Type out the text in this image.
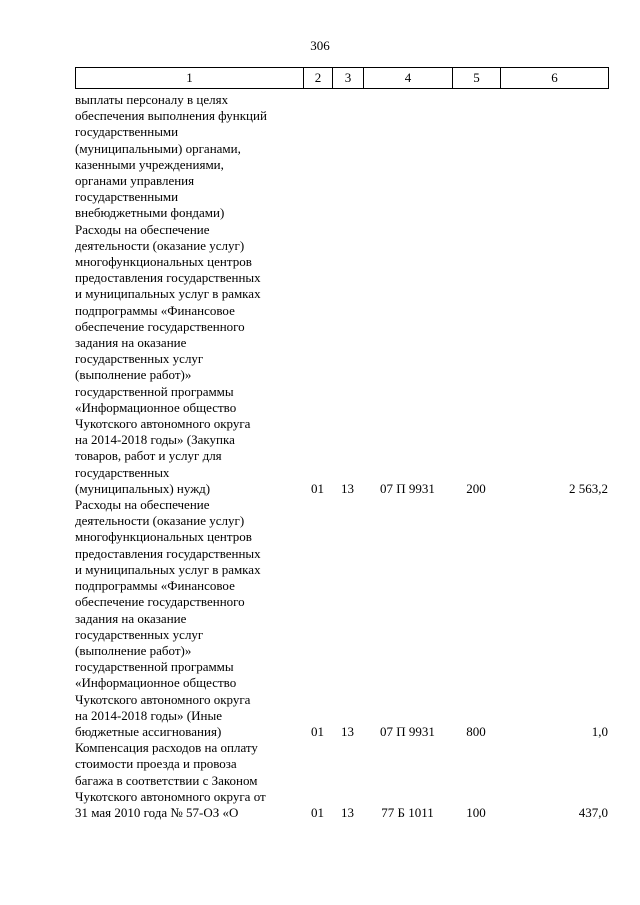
306
1	2	3	4	5	6
выплаты персоналу в целях
обеспечения выполнения функций
государственными
(муниципальными) органами,
казенными учреждениями,
органами управления
государственными
внебюджетными фондами)
Расходы на обеспечение
деятельности (оказание услуг)
многофункциональных центров
предоставления государственных
и муниципальных услуг в рамках
подпрограммы «Финансовое
обеспечение государственного
задания на оказание
государственных услуг
(выполнение работ)»
государственной программы
«Информационное общество
Чукотского автономного округа
на 2014-2018 годы» (Закупка
товаров, работ и услуг для
государственных
(муниципальных) нужд)	01	13	07 П 9931	200	2 563,2
Расходы на обеспечение
деятельности (оказание услуг)
многофункциональных центров
предоставления государственных
и муниципальных услуг в рамках
подпрограммы «Финансовое
обеспечение государственного
задания на оказание
государственных услуг
(выполнение работ)»
государственной программы
«Информационное общество
Чукотского автономного округа
на 2014-2018 годы» (Иные
бюджетные ассигнования)	01	13	07 П 9931	800	1,0
Компенсация расходов на оплату
стоимости проезда и провоза
багажа в соответствии с Законом
Чукотского автономного округа от
31 мая 2010 года № 57-ОЗ «О	01	13	77 Б 1011	100	437,0
